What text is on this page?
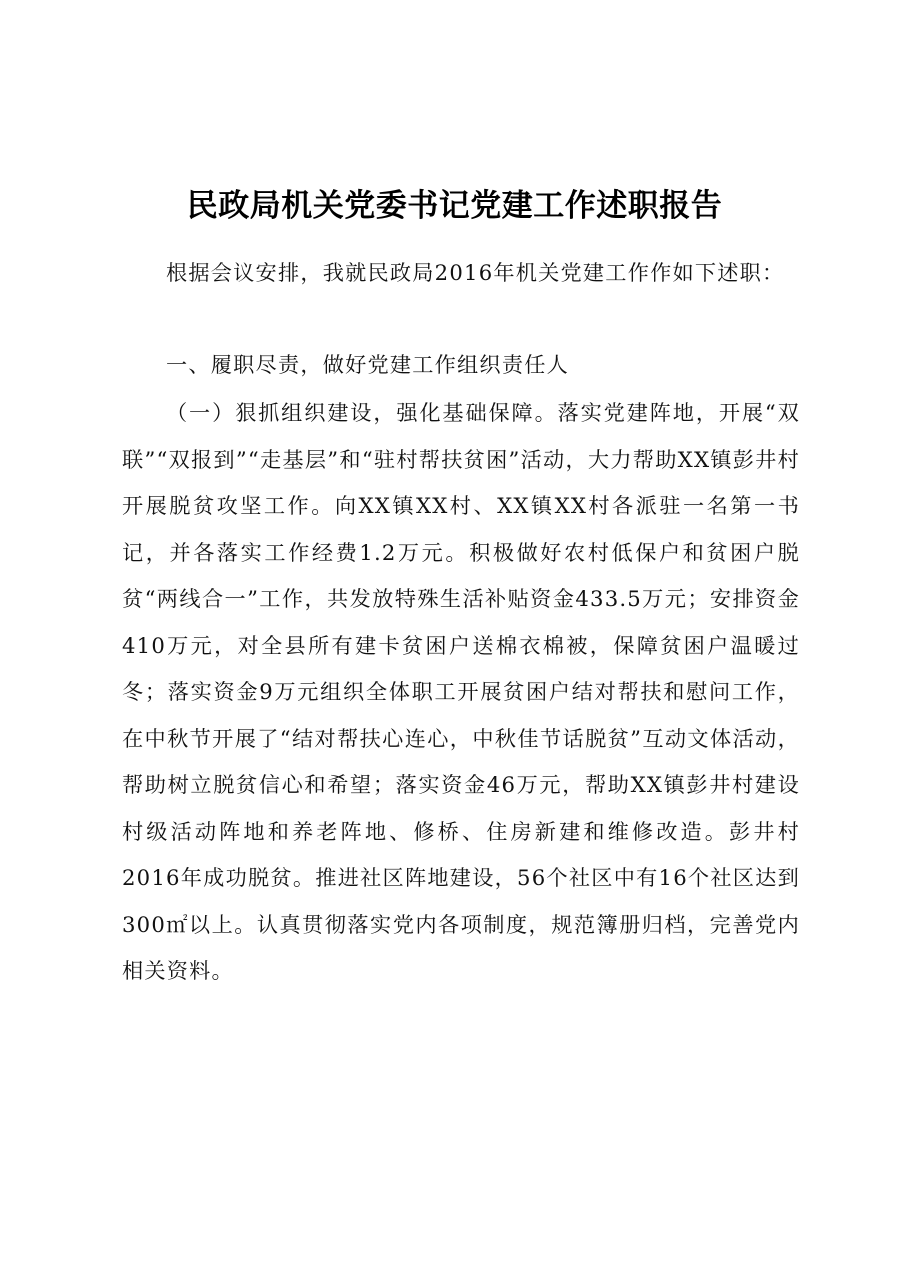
民政局机关党委书记党建工作述职报告

根据会议安排，我就民政局2016年机关党建工作作如下述职：

一、履职尽责，做好党建工作组织责任人

（一）狠抓组织建设，强化基础保障。落实党建阵地，开展“双联”“双报到”“走基层”和“驻村帮扶贫困”活动，大力帮助XX镇彭井村开展脱贫攻坚工作。向XX镇XX村、XX镇XX村各派驻一名第一书记，并各落实工作经费1.2万元。积极做好农村低保户和贫困户脱贫“两线合一”工作，共发放特殊生活补贴资金433.5万元；安排资金410万元，对全县所有建卡贫困户送棉衣棉被，保障贫困户温暖过冬；落实资金9万元组织全体职工开展贫困户结对帮扶和慰问工作，在中秋节开展了“结对帮扶心连心，中秋佳节话脱贫”互动文体活动，帮助树立脱贫信心和希望；落实资金46万元，帮助XX镇彭井村建设村级活动阵地和养老阵地、修桥、住房新建和维修改造。彭井村2016年成功脱贫。推进社区阵地建设，56个社区中有16个社区达到300㎡以上。认真贯彻落实党内各项制度，规范簿册归档，完善党内相关资料。
